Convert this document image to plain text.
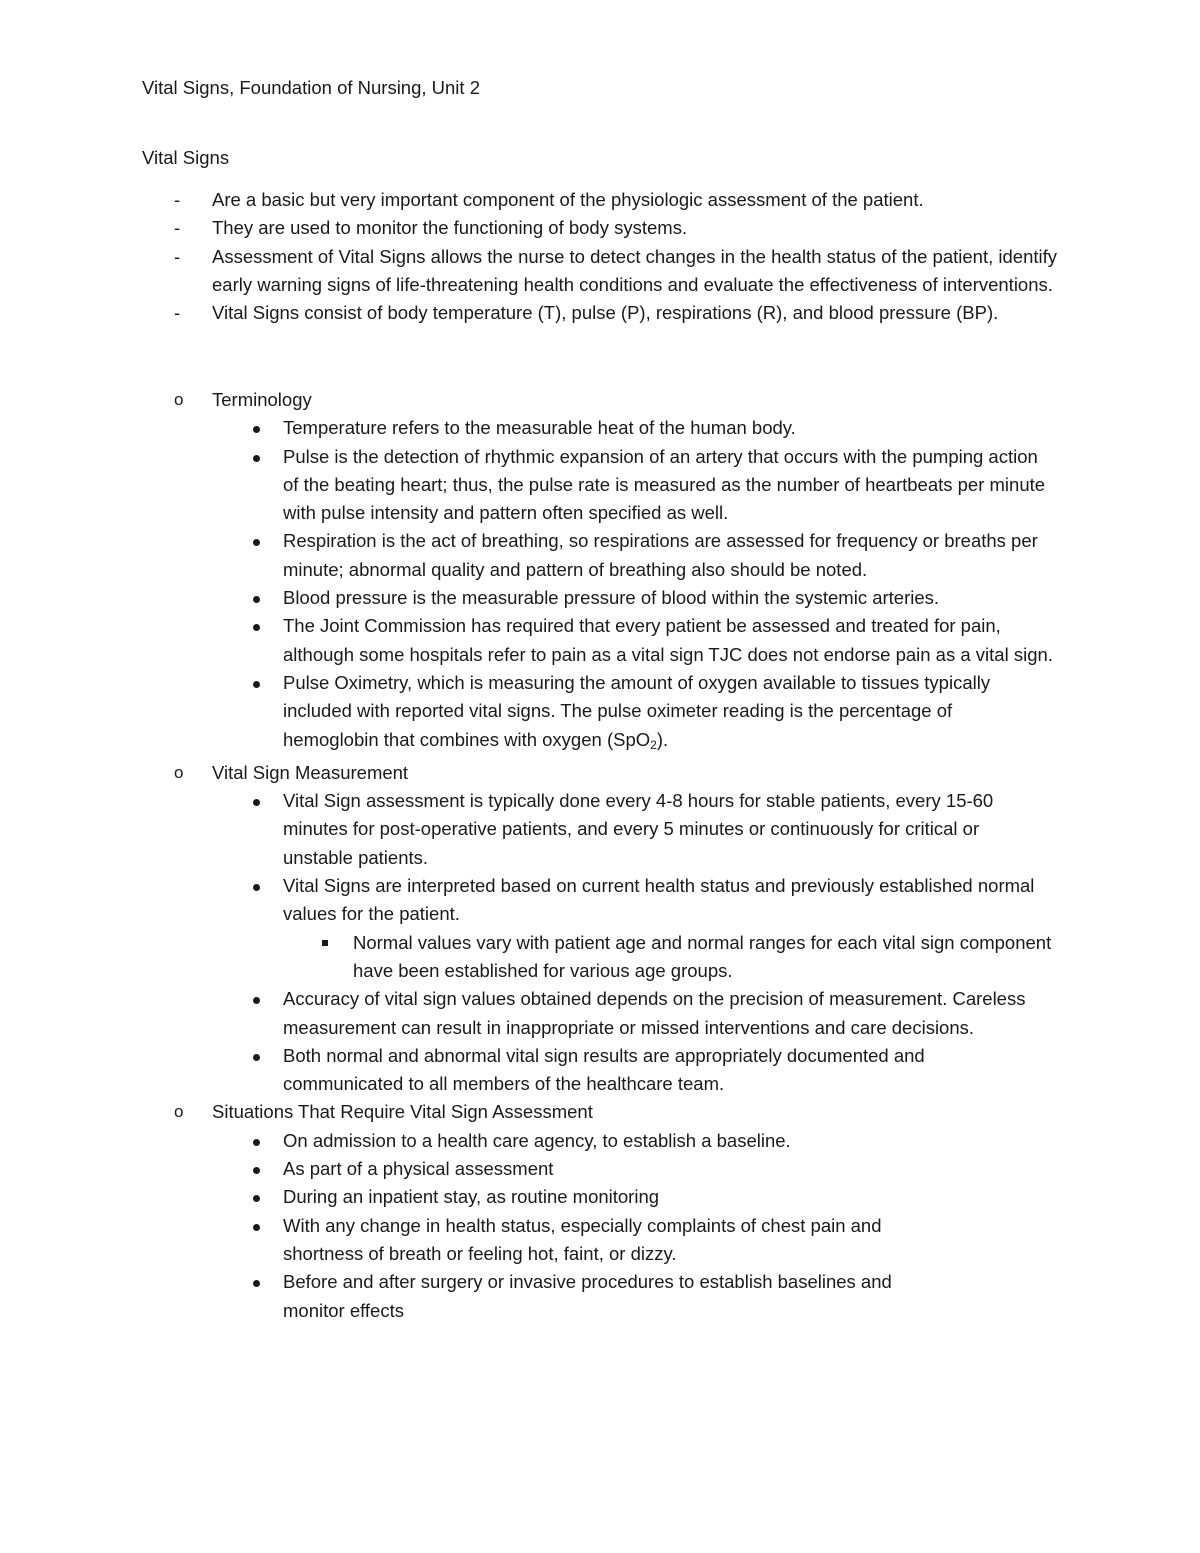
Vital Signs, Foundation of Nursing, Unit 2
Vital Signs
- Are a basic but very important component of the physiologic assessment of the patient.
- They are used to monitor the functioning of body systems.
- Assessment of Vital Signs allows the nurse to detect changes in the health status of the patient, identify early warning signs of life-threatening health conditions and evaluate the effectiveness of interventions.
- Vital Signs consist of body temperature (T), pulse (P), respirations (R), and blood pressure (BP).
o Terminology
Temperature refers to the measurable heat of the human body.
Pulse is the detection of rhythmic expansion of an artery that occurs with the pumping action of the beating heart; thus, the pulse rate is measured as the number of heartbeats per minute with pulse intensity and pattern often specified as well.
Respiration is the act of breathing, so respirations are assessed for frequency or breaths per minute; abnormal quality and pattern of breathing also should be noted.
Blood pressure is the measurable pressure of blood within the systemic arteries.
The Joint Commission has required that every patient be assessed and treated for pain, although some hospitals refer to pain as a vital sign TJC does not endorse pain as a vital sign.
Pulse Oximetry, which is measuring the amount of oxygen available to tissues typically included with reported vital signs. The pulse oximeter reading is the percentage of hemoglobin that combines with oxygen (SpO$_2$).
o Vital Sign Measurement
Vital Sign assessment is typically done every 4-8 hours for stable patients, every 15-60 minutes for post-operative patients, and every 5 minutes or continuously for critical or unstable patients.
Vital Signs are interpreted based on current health status and previously established normal values for the patient.
Normal values vary with patient age and normal ranges for each vital sign component have been established for various age groups.
Accuracy of vital sign values obtained depends on the precision of measurement. Careless measurement can result in inappropriate or missed interventions and care decisions.
Both normal and abnormal vital sign results are appropriately documented and communicated to all members of the healthcare team.
o Situations That Require Vital Sign Assessment
On admission to a health care agency, to establish a baseline.
As part of a physical assessment
During an inpatient stay, as routine monitoring
With any change in health status, especially complaints of chest pain and shortness of breath or feeling hot, faint, or dizzy.
Before and after surgery or invasive procedures to establish baselines and monitor effects
